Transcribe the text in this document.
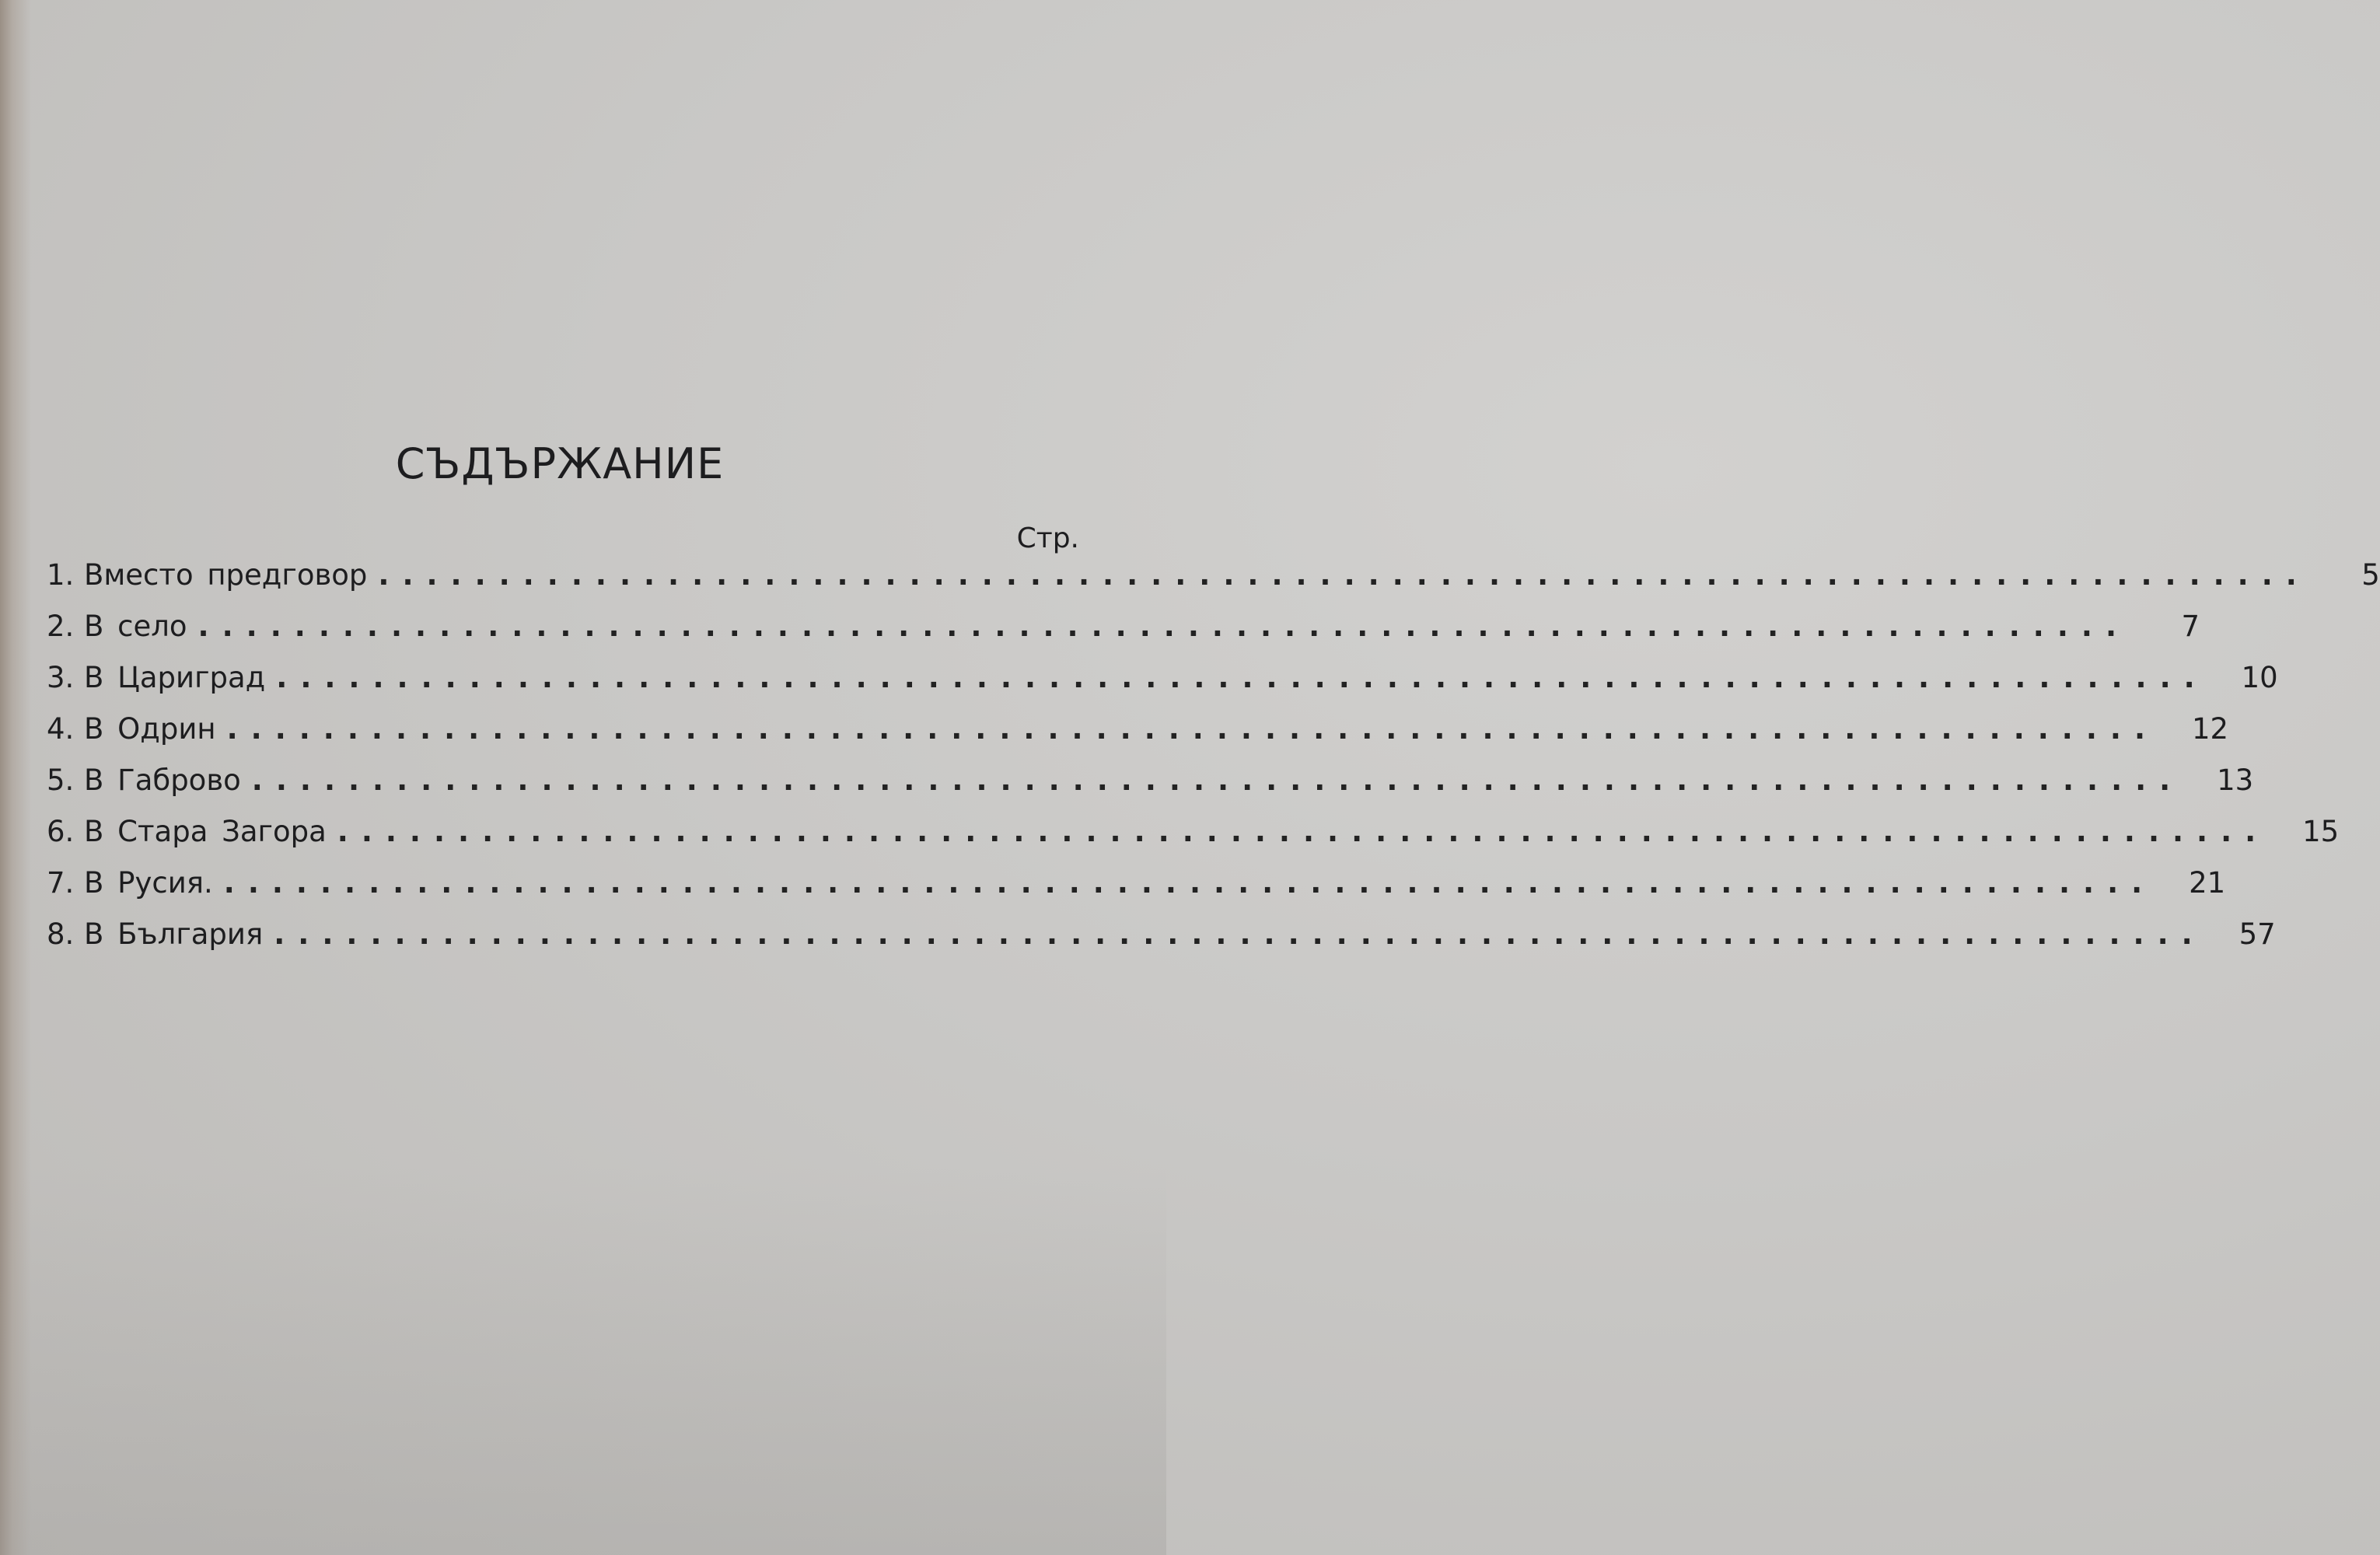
СЪДЪРЖАНИЕ
Стр.
1. Вместо предговор ................................................................................	5
2. В село ................................................................................	7
3. В Цариград ................................................................................	10
4. В Одрин ................................................................................	12
5. В Габрово ................................................................................	13
6. В Стара Загора ................................................................................	15
7. В Русия. ................................................................................	21
8. В България ................................................................................	57
